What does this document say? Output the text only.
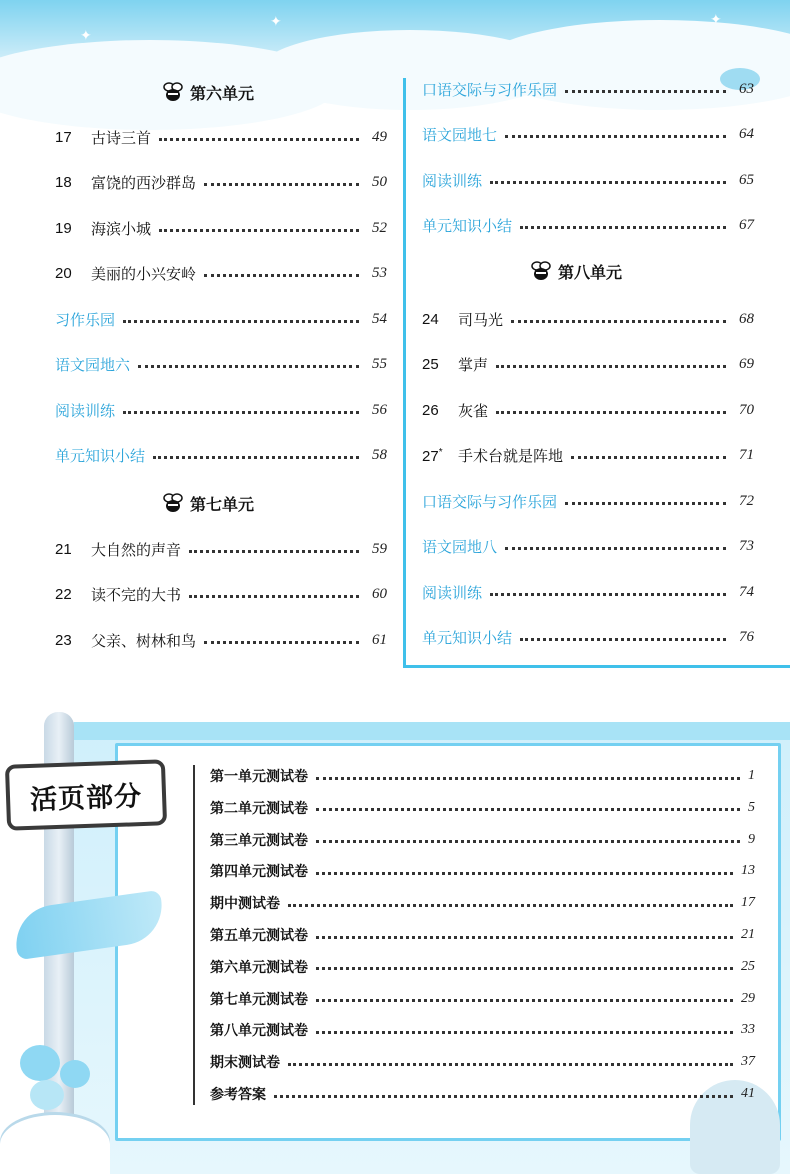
✦
✦	✦
第六单元
17	古诗三首	49
18	富饶的西沙群岛	50
19	海滨小城	52
20	美丽的小兴安岭	53
习作乐园	54
语文园地六	55
阅读训练	56
单元知识小结	58
第七单元
21	大自然的声音	59
22	读不完的大书	60
23	父亲、树林和鸟	61
口语交际与习作乐园	63
语文园地七	64
阅读训练	65
单元知识小结	67
第八单元
24	司马光	68
25	掌声	69
26	灰雀	70
27*	手术台就是阵地	71
口语交际与习作乐园	72
语文园地八	73
阅读训练	74
单元知识小结	76
活页部分
第一单元测试卷	1
第二单元测试卷	5
第三单元测试卷	9
第四单元测试卷	13
期中测试卷	17
第五单元测试卷	21
第六单元测试卷	25
第七单元测试卷	29
第八单元测试卷	33
期末测试卷	37
参考答案	41
